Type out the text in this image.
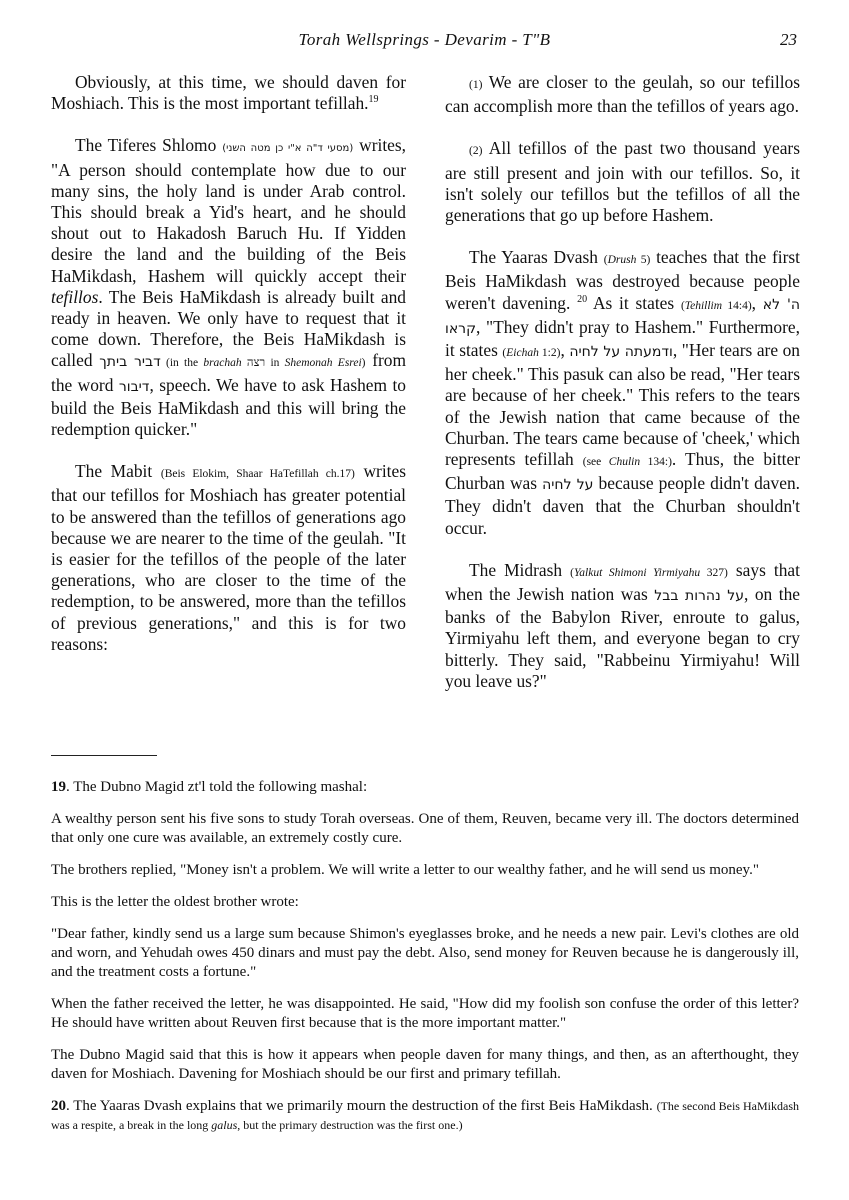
Torah Wellsprings - Devarim - T"B	23

Obviously, at this time, we should daven for Moshiach. This is the most important tefillah.$^{19}$

The Tiferes Shlomo (מסעי ד"ה א"י כן מטה השני) writes, "A person should contemplate how due to our many sins, the holy land is under Arab control. This should break a Yid's heart, and he should shout out to Hakadosh Baruch Hu. If Yidden desire the land and the building of the Beis HaMikdash, Hashem will quickly accept their tefillos. The Beis HaMikdash is already built and ready in heaven. We only have to request that it come down. Therefore, the Beis HaMikdash is called דביר ביתך (in the brachah רצה in Shemonah Esrei) from the word דיבור, speech. We have to ask Hashem to build the Beis HaMikdash and this will bring the redemption quicker."

The Mabit (Beis Elokim, Shaar HaTefillah ch.17) writes that our tefillos for Moshiach has greater potential to be answered than the tefillos of generations ago because we are nearer to the time of the geulah. "It is easier for the tefillos of the people of the later generations, who are closer to the time of the redemption, to be answered, more than the tefillos of previous generations," and this is for two reasons:

(1) We are closer to the geulah, so our tefillos can accomplish more than the tefillos of years ago.

(2) All tefillos of the past two thousand years are still present and join with our tefillos. So, it isn't solely our tefillos but the tefillos of all the generations that go up before Hashem.

The Yaaras Dvash (Drush 5) teaches that the first Beis HaMikdash was destroyed because people weren't davening. $^{20}$ As it states (Tehillim 14:4), ה' לא קראו, "They didn't pray to Hashem." Furthermore, it states (Eichah 1:2), ודמעתה על לחיה, "Her tears are on her cheek." This pasuk can also be read, "Her tears are because of her cheek." This refers to the tears of the Jewish nation that came because of the Churban. The tears came because of 'cheek,' which represents tefillah (see Chulin 134:). Thus, the bitter Churban was על לחיה because people didn't daven. They didn't daven that the Churban shouldn't occur.

The Midrash (Yalkut Shimoni Yirmiyahu 327) says that when the Jewish nation was על נהרות בבל, on the banks of the Babylon River, enroute to galus, Yirmiyahu left them, and everyone began to cry bitterly. They said, "Rabbeinu Yirmiyahu! Will you leave us?"

19. The Dubno Magid zt'l told the following mashal:

A wealthy person sent his five sons to study Torah overseas. One of them, Reuven, became very ill. The doctors determined that only one cure was available, an extremely costly cure.

The brothers replied, "Money isn't a problem. We will write a letter to our wealthy father, and he will send us money."

This is the letter the oldest brother wrote:

"Dear father, kindly send us a large sum because Shimon's eyeglasses broke, and he needs a new pair. Levi's clothes are old and worn, and Yehudah owes 450 dinars and must pay the debt. Also, send money for Reuven because he is dangerously ill, and the treatment costs a fortune."

When the father received the letter, he was disappointed. He said, "How did my foolish son confuse the order of this letter? He should have written about Reuven first because that is the more important matter."

The Dubno Magid said that this is how it appears when people daven for many things, and then, as an afterthought, they daven for Moshiach. Davening for Moshiach should be our first and primary tefillah.

20. The Yaaras Dvash explains that we primarily mourn the destruction of the first Beis HaMikdash. (The second Beis HaMikdash was a respite, a break in the long galus, but the primary destruction was the first one.)
